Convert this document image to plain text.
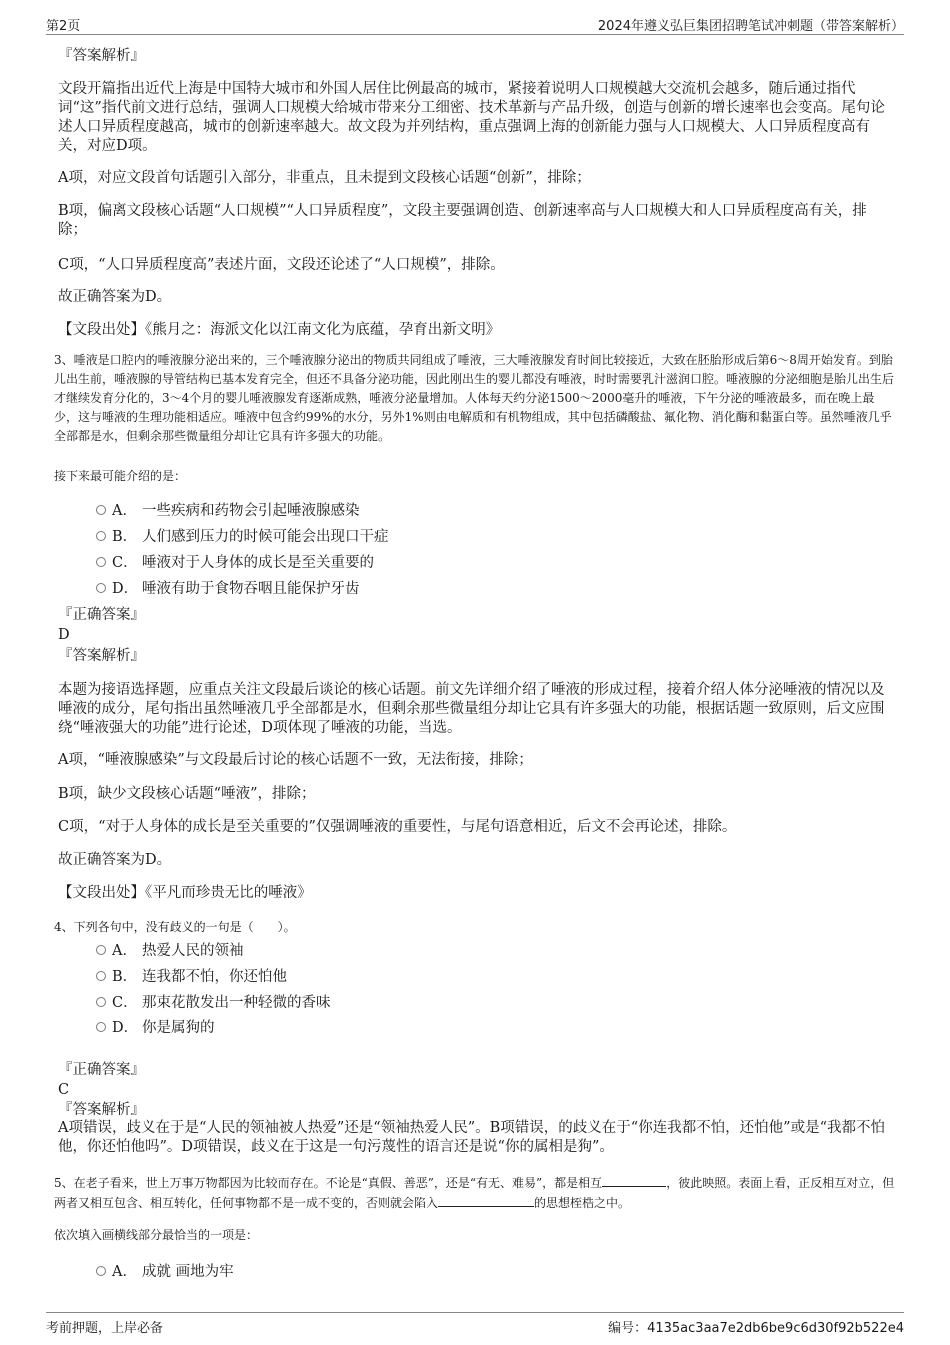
第2页	2024年遵义弘巨集团招聘笔试冲刺题（带答案解析）

『答案解析』

文段开篇指出近代上海是中国特大城市和外国人居住比例最高的城市，紧接着说明人口规模越大交流机会越多，随后通过指代词“这”指代前文进行总结，强调人口规模大给城市带来分工细密、技术革新与产品升级，创造与创新的增长速率也会变高。尾句论述人口异质程度越高，城市的创新速率越大。故文段为并列结构，重点强调上海的创新能力强与人口规模大、人口异质程度高有关，对应D项。

A项，对应文段首句话题引入部分，非重点，且未提到文段核心话题“创新”，排除；

B项，偏离文段核心话题“人口规模”“人口异质程度”，文段主要强调创造、创新速率高与人口规模大和人口异质程度高有关，排除；

C项，“人口异质程度高”表述片面，文段还论述了“人口规模”，排除。

故正确答案为D。

【文段出处】《熊月之：海派文化以江南文化为底蕴，孕育出新文明》

3、唾液是口腔内的唾液腺分泌出来的，三个唾液腺分泌出的物质共同组成了唾液，三大唾液腺发育时间比较接近，大致在胚胎形成后第6～8周开始发育。到胎儿出生前，唾液腺的导管结构已基本发育完全，但还不具备分泌功能，因此刚出生的婴儿都没有唾液，时时需要乳汁滋润口腔。唾液腺的分泌细胞是胎儿出生后才继续发育分化的，3～4个月的婴儿唾液腺发育逐渐成熟，唾液分泌量增加。人体每天约分泌1500～2000毫升的唾液，下午分泌的唾液最多，而在晚上最少，这与唾液的生理功能相适应。唾液中包含约99%的水分，另外1%则由电解质和有机物组成，其中包括磷酸盐、氟化物、消化酶和黏蛋白等。虽然唾液几乎全部都是水，但剩余那些微量组分却让它具有许多强大的功能。

接下来最可能介绍的是：

A． 一些疾病和药物会引起唾液腺感染
B． 人们感到压力的时候可能会出现口干症
C． 唾液对于人身体的成长是至关重要的
D． 唾液有助于食物吞咽且能保护牙齿

『正确答案』

D

『答案解析』

本题为接语选择题，应重点关注文段最后谈论的核心话题。前文先详细介绍了唾液的形成过程，接着介绍人体分泌唾液的情况以及唾液的成分，尾句指出虽然唾液几乎全部都是水，但剩余那些微量组分却让它具有许多强大的功能，根据话题一致原则，后文应围绕“唾液强大的功能”进行论述，D项体现了唾液的功能，当选。

A项，“唾液腺感染”与文段最后讨论的核心话题不一致，无法衔接，排除；

B项，缺少文段核心话题“唾液”，排除；

C项，“对于人身体的成长是至关重要的”仅强调唾液的重要性，与尾句语意相近，后文不会再论述，排除。

故正确答案为D。

【文段出处】《平凡而珍贵无比的唾液》

4、下列各句中，没有歧义的一句是（　　）。

A． 热爱人民的领袖
B． 连我都不怕，你还怕他
C． 那束花散发出一种轻微的香味
D． 你是属狗的

『正确答案』

C

『答案解析』

A项错误，歧义在于是“人民的领袖被人热爱”还是“领袖热爱人民”。B项错误，的歧义在于“你连我都不怕，还怕他”或是“我都不怕他，你还怕他吗”。D项错误，歧义在于这是一句污蔑性的语言还是说“你的属相是狗”。

5、在老子看来，世上万事万物都因为比较而存在。不论是“真假、善恶”，还是“有无、难易”，都是相互	，彼此映照。表面上看，正反相互对立，但两者又相互包含、相互转化，任何事物都不是一成不变的，否则就会陷入	的思想桎梏之中。

依次填入画横线部分最恰当的一项是：

A． 成就 画地为牢
考前押题，上岸必备	编号：4135ac3aa7e2db6be9c6d30f92b522e4
